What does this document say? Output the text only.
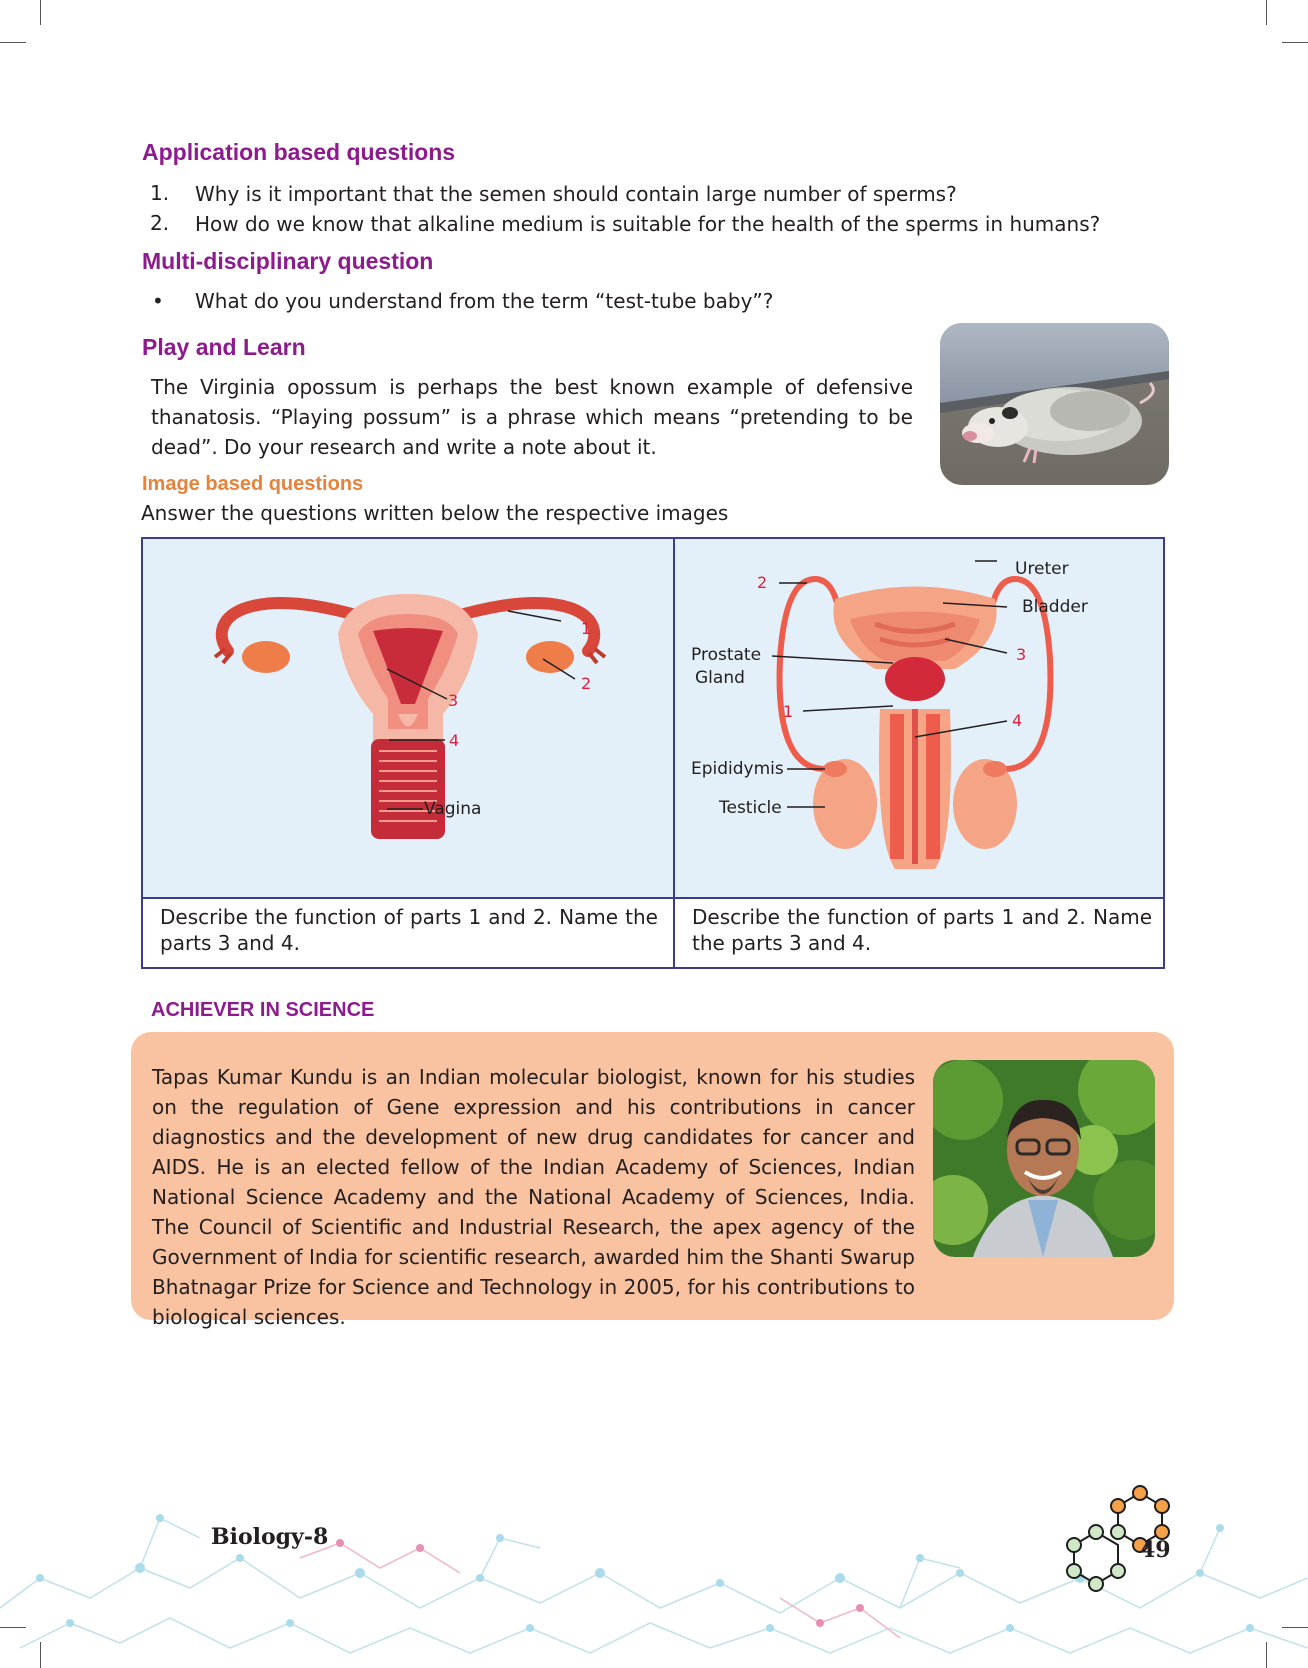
Application based questions
1. Why is it important that the semen should contain large number of sperms?
2. How do we know that alkaline medium is suitable for the health of the sperms in humans?
Multi-disciplinary question
• What do you understand from the term “test-tube baby”?
Play and Learn
The Virginia opossum is perhaps the best known example of defensive thanatosis. “Playing possum” is a phrase which means “pretending to be dead”. Do your research and write a note about it.
Image based questions
Answer the questions written below the respective images
1
2
3
4
Vagina
2
Ureter
Bladder
3
Prostate
Gland
1	4
Epididymis
Testicle
Describe the function of parts 1 and 2. Name the parts 3 and 4.
Describe the function of parts 1 and 2. Name the parts 3 and 4.
ACHIEVER IN SCIENCE
Tapas Kumar Kundu is an Indian molecular biologist, known for his studies on the regulation of Gene expression and his contributions in cancer diagnostics and the development of new drug candidates for cancer and AIDS. He is an elected fellow of the Indian Academy of Sciences, Indian National Science Academy and the National Academy of Sciences, India. The Council of Scientific and Industrial Research, the apex agency of the Government of India for scientific research, awarded him the Shanti Swarup Bhatnagar Prize for Science and Technology in 2005, for his contributions to biological sciences.
Biology-8	49
